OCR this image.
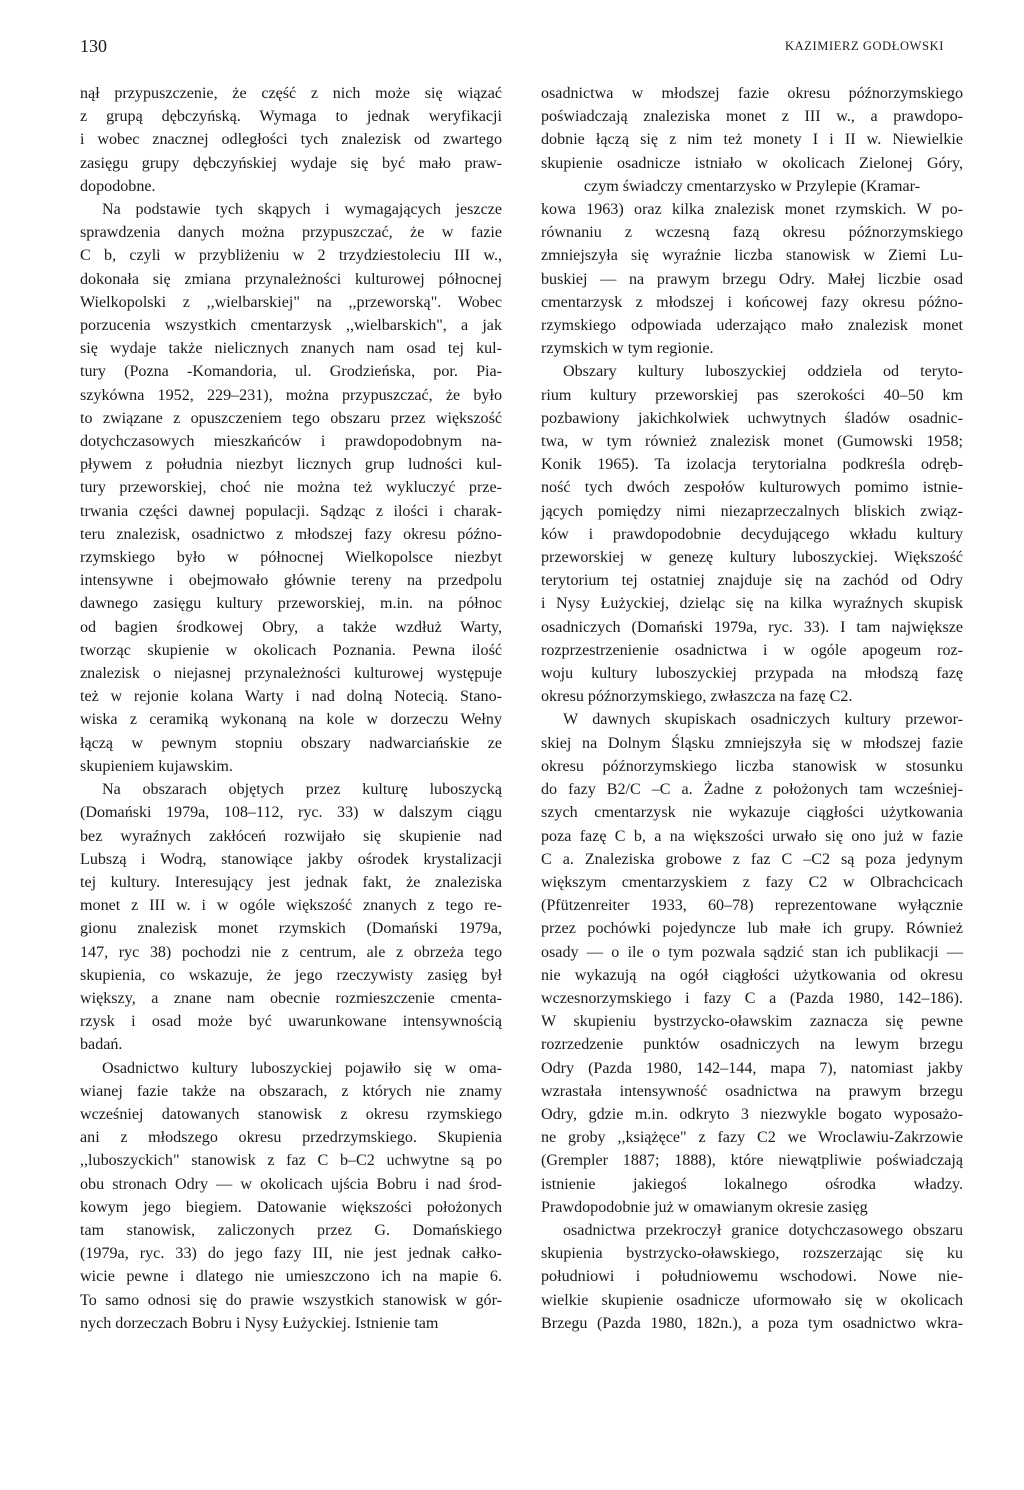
130	KAZIMIERZ GODŁOWSKI

nął przypuszczenie, że część z nich może się wiązać

z grupą dębczyńską. Wymaga to jednak weryfikacji

i wobec znacznej odległości tych znalezisk od zwartego

zasięgu grupy dębczyńskiej wydaje się być mało praw-

dopodobne.

Na podstawie tych skąpych i wymagających jeszcze

sprawdzenia danych można przypuszczać, że w fazie

C b, czyli w przybliżeniu w 2 trzydziestoleciu III w.,

dokonała się zmiana przynależności kulturowej północnej

Wielkopolski z ,,wielbarskiej" na ,,przeworską". Wobec

porzucenia wszystkich cmentarzysk ,,wielbarskich", a jak

się wydaje także nielicznych znanych nam osad tej kul-

tury (Pozna -Komandoria, ul. Grodzieńska, por. Pia-

szykówna 1952, 229–231), można przypuszczać, że było

to związane z opuszczeniem tego obszaru przez większość

dotychczasowych mieszkańców i prawdopodobnym na-

pływem z południa niezbyt licznych grup ludności kul-

tury przeworskiej, choć nie można też wykluczyć prze-

trwania części dawnej populacji. Sądząc z ilości i charak-

teru znalezisk, osadnictwo z młodszej fazy okresu późno-

rzymskiego było w północnej Wielkopolsce niezbyt

intensywne i obejmowało głównie tereny na przedpolu

dawnego zasięgu kultury przeworskiej, m.in. na północ

od bagien środkowej Obry, a także wzdłuż Warty,

tworząc skupienie w okolicach Poznania. Pewna ilość

znalezisk o niejasnej przynależności kulturowej występuje

też w rejonie kolana Warty i nad dolną Notecią. Stano-

wiska z ceramiką wykonaną na kole w dorzeczu Wełny

łączą w pewnym stopniu obszary nadwarciańskie ze

skupieniem kujawskim.

Na obszarach objętych przez kulturę luboszycką

(Domański 1979a, 108–112, ryc. 33) w dalszym ciągu

bez wyraźnych zakłóceń rozwijało się skupienie nad

Lubszą i Wodrą, stanowiące jakby ośrodek krystalizacji

tej kultury. Interesujący jest jednak fakt, że znaleziska

monet z III w. i w ogóle większość znanych z tego re-

gionu znalezisk monet rzymskich (Domański 1979a,

147, ryc 38) pochodzi nie z centrum, ale z obrzeża tego

skupienia, co wskazuje, że jego rzeczywisty zasięg był

większy, a znane nam obecnie rozmieszczenie cmenta-

rzysk i osad może być uwarunkowane intensywnością

badań.

Osadnictwo kultury luboszyckiej pojawiło się w oma-

wianej fazie także na obszarach, z których nie znamy

wcześniej datowanych stanowisk z okresu rzymskiego

ani z młodszego okresu przedrzymskiego. Skupienia

,,luboszyckich" stanowisk z faz C b–C2 uchwytne są po

obu stronach Odry — w okolicach ujścia Bobru i nad środ-

kowym jego biegiem. Datowanie większości położonych

tam stanowisk, zaliczonych przez G. Domańskiego

(1979a, ryc. 33) do jego fazy III, nie jest jednak całko-

wicie pewne i dlatego nie umieszczono ich na mapie 6.

To samo odnosi się do prawie wszystkich stanowisk w gór-

nych dorzeczach Bobru i Nysy Łużyckiej. Istnienie tam

osadnictwa w młodszej fazie okresu późnorzymskiego

poświadczają znaleziska monet z III w., a prawdopo-

dobnie łączą się z nim też monety I i II w. Niewielkie

skupienie osadnicze istniało w okolicach Zielonej Góry,

czym świadczy cmentarzysko w Przylepie (Kramar-

kowa 1963) oraz kilka znalezisk monet rzymskich. W po-

równaniu z wczesną fazą okresu późnorzymskiego

zmniejszyła się wyraźnie liczba stanowisk w Ziemi Lu-

buskiej — na prawym brzegu Odry. Małej liczbie osad

cmentarzysk z młodszej i końcowej fazy okresu późno-

rzymskiego odpowiada uderzająco mało znalezisk monet

rzymskich w tym regionie.

Obszary kultury luboszyckiej oddziela od teryto-

rium kultury przeworskiej pas szerokości 40–50 km

pozbawiony jakichkolwiek uchwytnych śladów osadnic-

twa, w tym również znalezisk monet (Gumowski 1958;

Konik 1965). Ta izolacja terytorialna podkreśla odręb-

ność tych dwóch zespołów kulturowych pomimo istnie-

jących pomiędzy nimi niezaprzeczalnych bliskich związ-

ków i prawdopodobnie decydującego wkładu kultury

przeworskiej w genezę kultury luboszyckiej. Większość

terytorium tej ostatniej znajduje się na zachód od Odry

i Nysy Łużyckiej, dzieląc się na kilka wyraźnych skupisk

osadniczych (Domański 1979a, ryc. 33). I tam największe

rozprzestrzenienie osadnictwa i w ogóle apogeum roz-

woju kultury luboszyckiej przypada na młodszą fazę

okresu późnorzymskiego, zwłaszcza na fazę C2.

W dawnych skupiskach osadniczych kultury przewor-

skiej na Dolnym Śląsku zmniejszyła się w młodszej fazie

okresu późnorzymskiego liczba stanowisk w stosunku

do fazy B2/C –C a. Żadne z położonych tam wcześniej-

szych cmentarzysk nie wykazuje ciągłości użytkowania

poza fazę C b, a na większości urwało się ono już w fazie

C a. Znaleziska grobowe z faz C –C2 są poza jedynym

większym cmentarzyskiem z fazy C2 w Olbrachcicach

(Pfützenreiter 1933, 60–78) reprezentowane wyłącznie

przez pochówki pojedyncze lub małe ich grupy. Również

osady — o ile o tym pozwala sądzić stan ich publikacji —

nie wykazują na ogół ciągłości użytkowania od okresu

wczesnorzymskiego i fazy C a (Pazda 1980, 142–186).

W skupieniu bystrzycko-oławskim zaznacza się pewne

rozrzedzenie punktów osadniczych na lewym brzegu

Odry (Pazda 1980, 142–144, mapa 7), natomiast jakby

wzrastała intensywność osadnictwa na prawym brzegu

Odry, gdzie m.in. odkryto 3 niezwykle bogato wyposażo-

ne groby ,,książęce" z fazy C2 we Wroclawiu-Zakrzowie

(Grempler 1887; 1888), które niewątpliwie poświadczają

istnienie jakiegoś lokalnego ośrodka władzy.

Prawdopodobnie już w omawianym okresie zasięg

osadnictwa przekroczył granice dotychczasowego obszaru

skupienia bystrzycko-oławskiego, rozszerzając się ku

południowi i południowemu wschodowi. Nowe nie-

wielkie skupienie osadnicze uformowało się w okolicach

Brzegu (Pazda 1980, 182n.), a poza tym osadnictwo wkra-
